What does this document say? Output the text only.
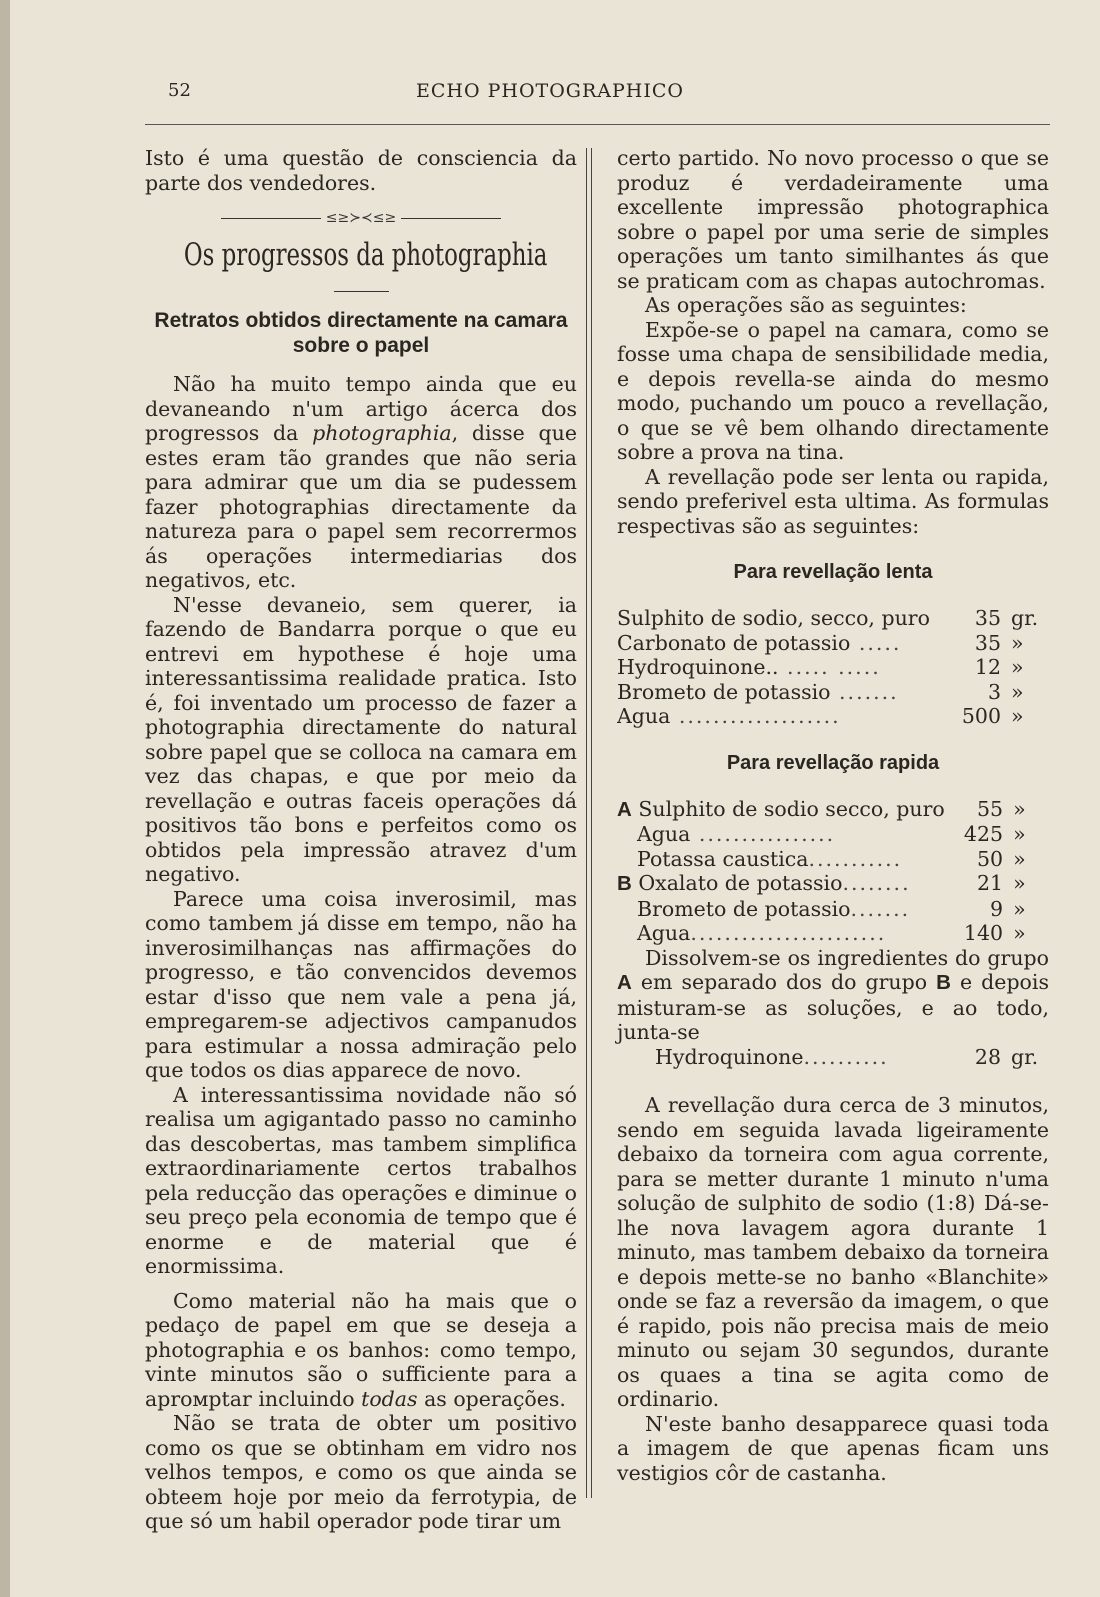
52	ECHO PHOTOGRAPHICO

Isto é uma questão de consciencia da parte dos vendedores.

≤≥≻≺≤≥
Os progressos da photographia
Retratos obtidos directamente na camara
sobre o papel

Não ha muito tempo ainda que eu devaneando n'um artigo ácerca dos progressos da photographia, disse que estes eram tão grandes que não seria para admirar que um dia se pudessem fazer photographias directamente da natureza para o papel sem recorrermos ás operações intermediarias dos negativos, etc.

N'esse devaneio, sem querer, ia fazendo de Bandarra porque o que eu entrevi em hypothese é hoje uma interessantissima realidade pratica. Isto é, foi inventado um processo de fazer a photographia directamente do natural sobre papel que se colloca na camara em vez das chapas, e que por meio da revellação e outras faceis operações dá positivos tão bons e perfeitos como os obtidos pela impressão atravez d'um negativo.

Parece uma coisa inverosimil, mas como tambem já disse em tempo, não ha inverosimilhanças nas affirmações do progresso, e tão convencidos devemos estar d'isso que nem vale a pena já, empregarem-se adjectivos campanudos para estimular a nossa admiração pelo que todos os dias apparece de novo.

A interessantissima novidade não só realisa um agigantado passo no caminho das descobertas, mas tambem simplifica extraordinariamente certos trabalhos pela reducção das operações e diminue o seu preço pela economia de tempo que é enorme e de material que é enormissima.

Como material não ha mais que o pedaço de papel em que se deseja a photographia e os banhos: como tempo, vinte minutos são o sufficiente para a aprомptar incluindo todas as operações.

Não se trata de obter um positivo como os que se obtinham em vidro nos velhos tempos, e como os que ainda se obteem hoje por meio da ferrotypia, de que só um habil operador pode tirar um

certo partido. No novo processo o que se produz é verdadeiramente uma excellente impressão photographica sobre o papel por uma serie de simples operações um tanto similhantes ás que se praticam com as chapas autochromas.

As operações são as seguintes:

Expõe-se o papel na camara, como se fosse uma chapa de sensibilidade media, e depois revella-se ainda do mesmo modo, puchando um pouco a revellação, o que se vê bem olhando directamente sobre a prova na tina.

A revellação pode ser lenta ou rapida, sendo preferivel esta ultima. As formulas respectivas são as seguintes:

Para revellação lenta
Sulphito de sodio, secco, puro	35	gr.
Carbonato de potassio .....	35	»
Hydroquinone.. ..... .....	12	»
Brometo de potassio .......	3	»
Agua ...................	500	»
Para revellação rapida
A Sulphito de sodio secco, puro	55	»
Agua ................	425	»
Potassa caustica...........	50	»
B Oxalato de potassio........	21	»
Brometo de potassio.......	9	»
Agua.......................	140	»

Dissolvem-se os ingredientes do grupo A em separado dos do grupo B e depois misturam-se as soluções, e ao todo, junta-se

Hydroquinone..........	28	gr.

A revellação dura cerca de 3 minutos, sendo em seguida lavada ligeiramente debaixo da torneira com agua corrente, para se metter durante 1 minuto n'uma solução de sulphito de sodio (1:8) Dá-se-lhe nova lavagem agora durante 1 minuto, mas tambem debaixo da torneira e depois mette-se no banho «Blanchite» onde se faz a reversão da imagem, o que é rapido, pois não precisa mais de meio minuto ou sejam 30 segundos, durante os quaes a tina se agita como de ordinario.

N'este banho desapparece quasi toda a imagem de que apenas ficam uns vestigios côr de castanha.
